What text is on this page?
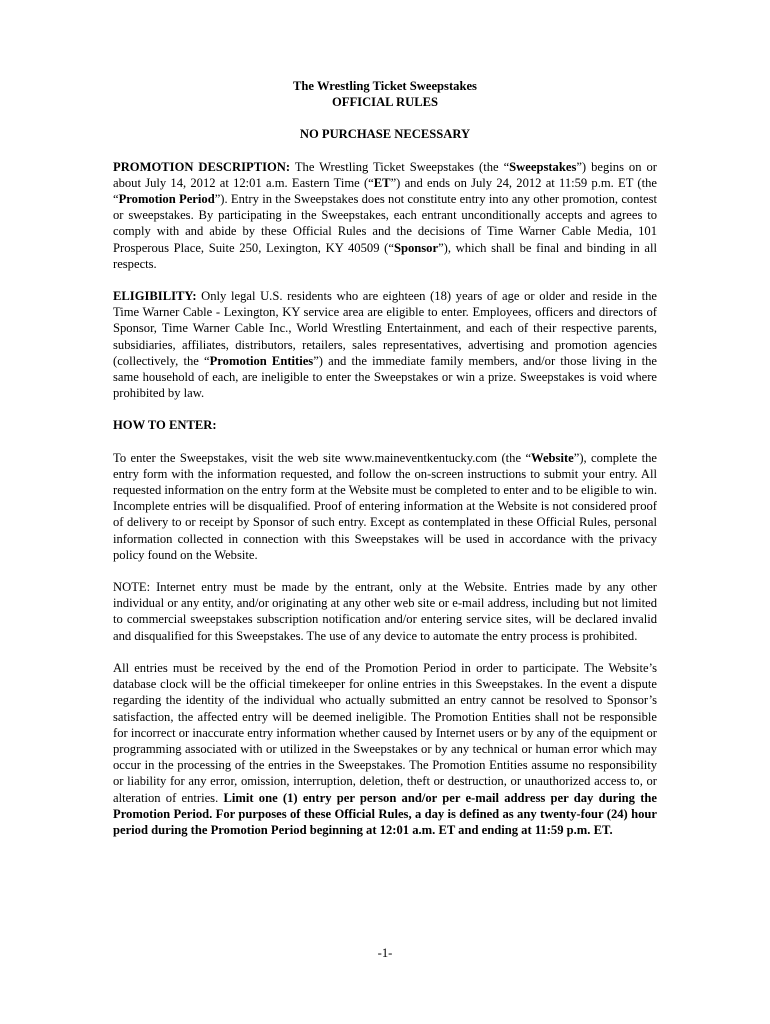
The Wrestling Ticket Sweepstakes
OFFICIAL RULES
NO PURCHASE NECESSARY

PROMOTION DESCRIPTION: The Wrestling Ticket Sweepstakes (the “Sweepstakes”) begins on or about July 14, 2012 at 12:01 a.m. Eastern Time (“ET”) and ends on July 24, 2012 at 11:59 p.m. ET (the “Promotion Period”). Entry in the Sweepstakes does not constitute entry into any other promotion, contest or sweepstakes. By participating in the Sweepstakes, each entrant unconditionally accepts and agrees to comply with and abide by these Official Rules and the decisions of Time Warner Cable Media, 101 Prosperous Place, Suite 250, Lexington, KY 40509 (“Sponsor”), which shall be final and binding in all respects.

ELIGIBILITY: Only legal U.S. residents who are eighteen (18) years of age or older and reside in the Time Warner Cable - Lexington, KY service area are eligible to enter. Employees, officers and directors of Sponsor, Time Warner Cable Inc., World Wrestling Entertainment, and each of their respective parents, subsidiaries, affiliates, distributors, retailers, sales representatives, advertising and promotion agencies (collectively, the “Promotion Entities”) and the immediate family members, and/or those living in the same household of each, are ineligible to enter the Sweepstakes or win a prize. Sweepstakes is void where prohibited by law.

HOW TO ENTER:

To enter the Sweepstakes, visit the web site www.maineventkentucky.com (the “Website”), complete the entry form with the information requested, and follow the on-screen instructions to submit your entry. All requested information on the entry form at the Website must be completed to enter and to be eligible to win. Incomplete entries will be disqualified. Proof of entering information at the Website is not considered proof of delivery to or receipt by Sponsor of such entry. Except as contemplated in these Official Rules, personal information collected in connection with this Sweepstakes will be used in accordance with the privacy policy found on the Website.

NOTE: Internet entry must be made by the entrant, only at the Website. Entries made by any other individual or any entity, and/or originating at any other web site or e-mail address, including but not limited to commercial sweepstakes subscription notification and/or entering service sites, will be declared invalid and disqualified for this Sweepstakes. The use of any device to automate the entry process is prohibited.

All entries must be received by the end of the Promotion Period in order to participate. The Website’s database clock will be the official timekeeper for online entries in this Sweepstakes. In the event a dispute regarding the identity of the individual who actually submitted an entry cannot be resolved to Sponsor’s satisfaction, the affected entry will be deemed ineligible. The Promotion Entities shall not be responsible for incorrect or inaccurate entry information whether caused by Internet users or by any of the equipment or programming associated with or utilized in the Sweepstakes or by any technical or human error which may occur in the processing of the entries in the Sweepstakes. The Promotion Entities assume no responsibility or liability for any error, omission, interruption, deletion, theft or destruction, or unauthorized access to, or alteration of entries. Limit one (1) entry per person and/or per e-mail address per day during the Promotion Period. For purposes of these Official Rules, a day is defined as any twenty-four (24) hour period during the Promotion Period beginning at 12:01 a.m. ET and ending at 11:59 p.m. ET.

-1-
